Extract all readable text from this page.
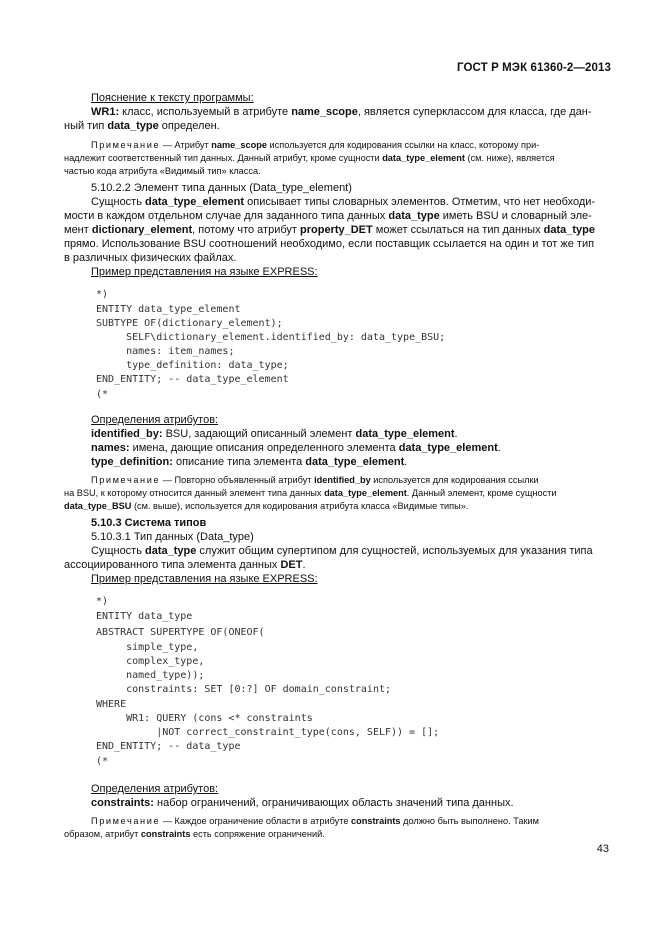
ГОСТ Р МЭК 61360-2—2013
Пояснение к тексту программы:
WR1: класс, используемый в атрибуте name_scope, является суперклассом для класса, где дан-
ный тип data_type определен.
Примечание — Атрибут name_scope используется для кодирования ссылки на класс, которому при-
надлежит соответственный тип данных. Данный атрибут, кроме сущности data_type_element (см. ниже), является
частью кода атрибута «Видимый тип» класса.
5.10.2.2 Элемент типа данных (Data_type_element)
Сущность data_type_element описывает типы словарных элементов. Отметим, что нет необходи-
мости в каждом отдельном случае для заданного типа данных data_type иметь BSU и словарный эле-
мент dictionary_element, потому что атрибут property_DET может ссылаться на тип данных data_type
прямо. Использование BSU соотношений необходимо, если поставщик ссылается на один и тот же тип
в различных физических файлах.
Пример представления на языке EXPRESS:
*)
ENTITY data_type_element
SUBTYPE OF(dictionary_element);
SELF\dictionary_element.identified_by: data_type_BSU;
names: item_names;
type_definition: data_type;
END_ENTITY; -- data_type_element
(*
Определения атрибутов:
identified_by: BSU, задающий описанный элемент data_type_element.
names: имена, дающие описания определенного элемента data_type_element.
type_definition: описание типа элемента data_type_element.
Примечание — Повторно объявленный атрибут identified_by используется для кодирования ссылки
на BSU, к которому относится данный элемент типа данных data_type_element. Данный элемент, кроме сущности
data_type_BSU (см. выше), используется для кодирования атрибута класса «Видимые типы».
5.10.3 Система типов
5.10.3.1 Тип данных (Data_type)
Сущность data_type служит общим супертипом для сущностей, используемых для указания типа
ассоциированного типа элемента данных DET.
Пример представления на языке EXPRESS:
*)
ENTITY data_type
ABSTRACT SUPERTYPE OF(ONEOF(
simple_type,
complex_type,
named_type));
constraints: SET [0:?] OF domain_constraint;
WHERE
WR1: QUERY (cons <* constraints
|NOT correct_constraint_type(cons, SELF)) = [];
END_ENTITY; -- data_type
(*
Определения атрибутов:
constraints: набор ограничений, ограничивающих область значений типа данных.
Примечание — Каждое ограничение области в атрибуте constraints должно быть выполнено. Таким
образом, атрибут constraints есть сопряжение ограничений.
43
